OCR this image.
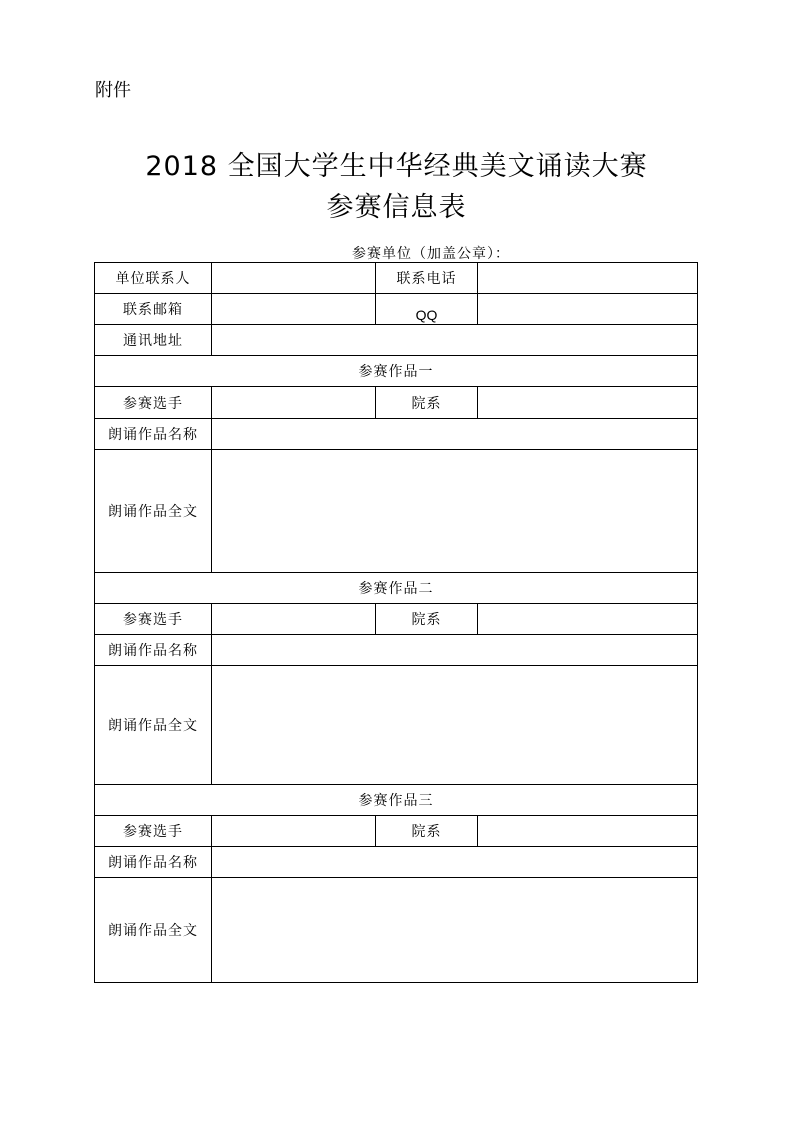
附件
2018 全国大学生中华经典美文诵读大赛
参赛信息表
参赛单位（加盖公章）：
单位联系人		联系电话	
联系邮箱		QQ	
通讯地址			
参赛作品一			
参赛选手		院系	
朗诵作品名称			
朗诵作品全文			
参赛作品二			
参赛选手		院系	
朗诵作品名称			
朗诵作品全文			
参赛作品三			
参赛选手		院系	
朗诵作品名称			
朗诵作品全文			
